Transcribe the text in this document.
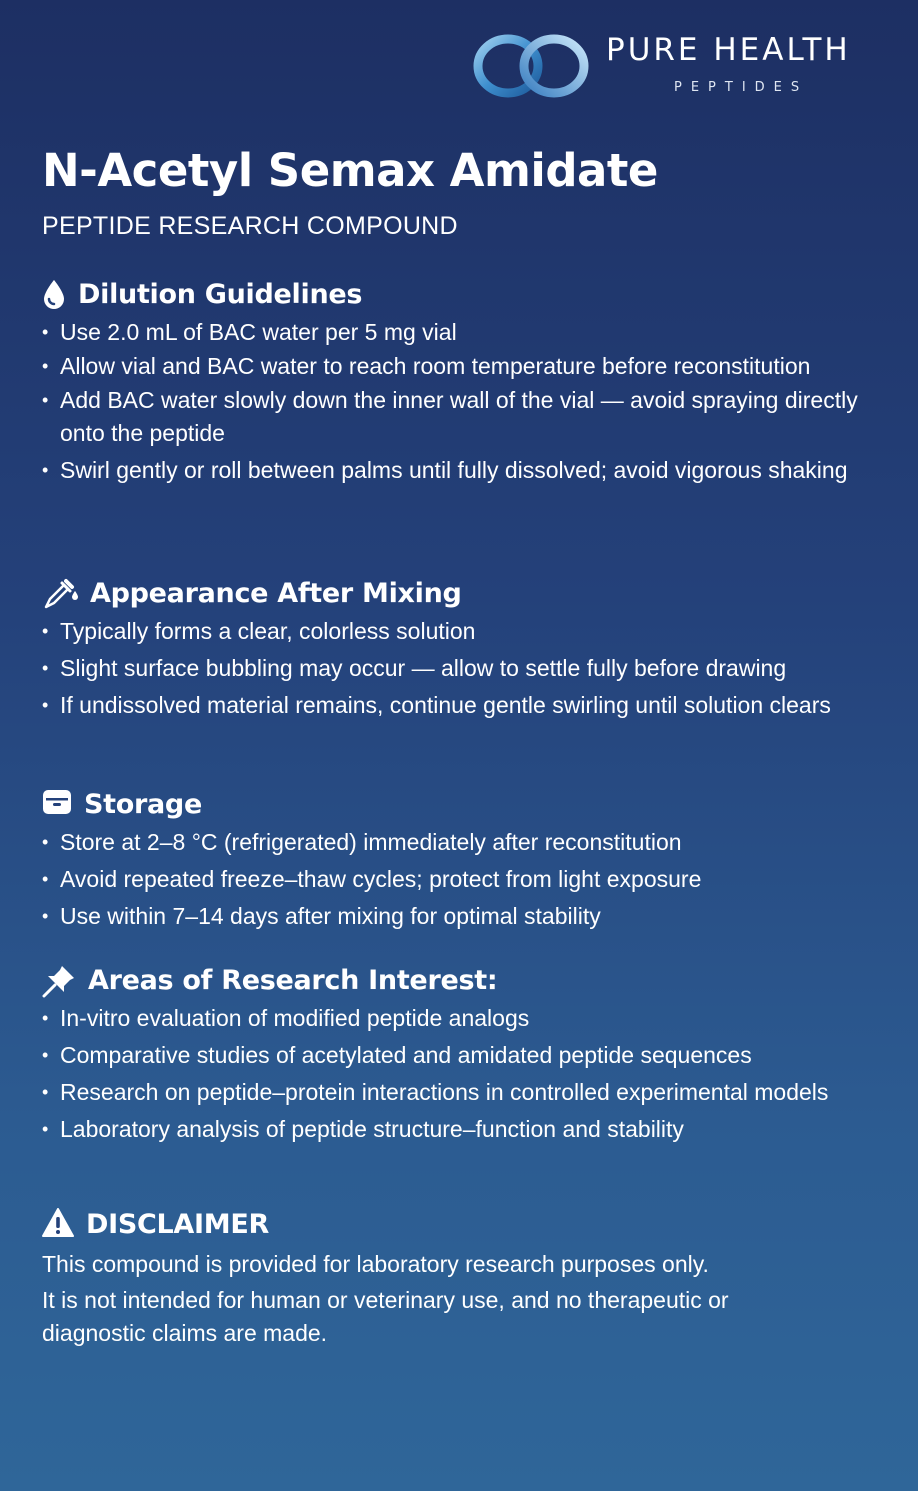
PURE HEALTH
PEPTIDES
N-Acetyl Semax Amidate
PEPTIDE RESEARCH COMPOUND
Dilution Guidelines
• Use 2.0 mL of BAC water per 5 mg vial
• Allow vial and BAC water to reach room temperature before reconstitution
• Add BAC water slowly down the inner wall of the vial — avoid spraying directly onto the peptide
• Swirl gently or roll between palms until fully dissolved; avoid vigorous shaking
Appearance After Mixing
• Typically forms a clear, colorless solution
• Slight surface bubbling may occur — allow to settle fully before drawing
• If undissolved material remains, continue gentle swirling until solution clears
Storage
• Store at 2–8 °C (refrigerated) immediately after reconstitution
• Avoid repeated freeze–thaw cycles; protect from light exposure
• Use within 7–14 days after mixing for optimal stability
Areas of Research Interest:
• In-vitro evaluation of modified peptide analogs
• Comparative studies of acetylated and amidated peptide sequences
• Research on peptide–protein interactions in controlled experimental models
• Laboratory analysis of peptide structure–function and stability
DISCLAIMER

This compound is provided for laboratory research purposes only.

It is not intended for human or veterinary use, and no therapeutic or diagnostic claims are made.
